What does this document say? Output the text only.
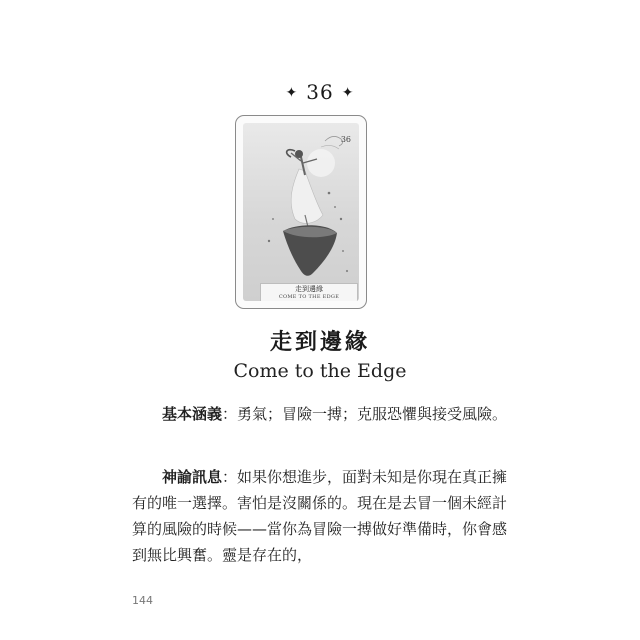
✦ 36 ✦
36
走到邊緣
COME TO THE EDGE
走到邊緣
Come to the Edge

基本涵義：勇氣；冒險一搏；克服恐懼與接受風險。

神諭訊息：如果你想進步，面對未知是你現在真正擁有的唯一選擇。害怕是沒關係的。現在是去冒一個未經計算的風險的時候——當你為冒險一搏做好準備時，你會感到無比興奮。靈是存在的，

144
